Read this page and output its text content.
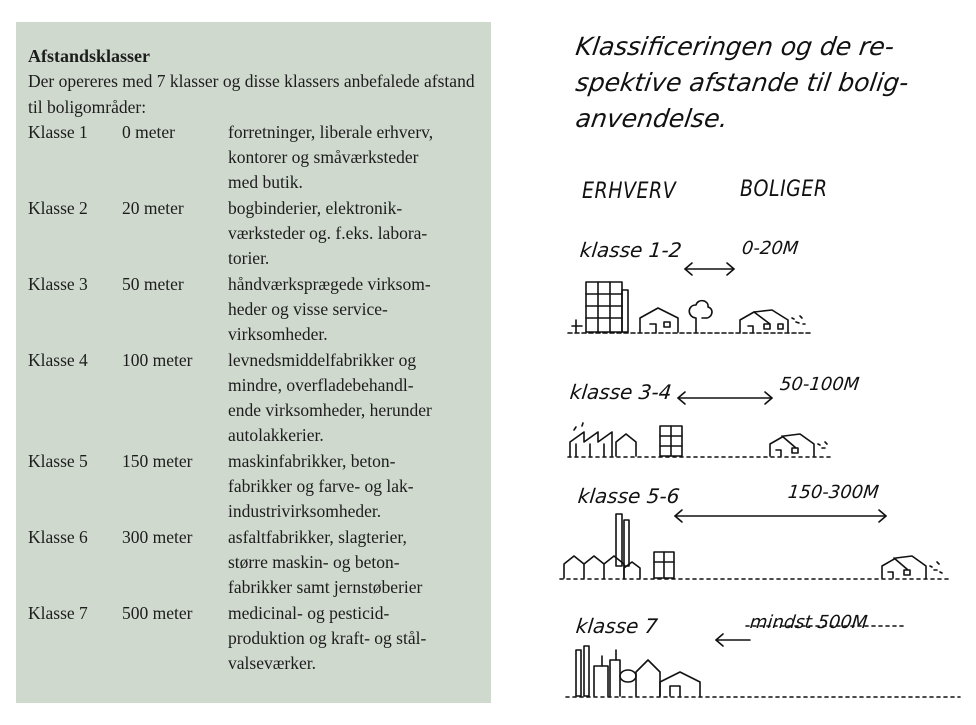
Afstandsklasser
Der opereres med 7 klasser og disse klassers anbefalede afstand til boligområder:
Klasse 1	0 meter	forretninger, liberale erhverv,
kontorer og småværksteder
med butik.
Klasse 2	20 meter	bogbinderier, elektronik-
værksteder og. f.eks. labora-
torier.
Klasse 3	50 meter	håndværksprægede virksom-
heder og visse service-
virksomheder.
Klasse 4	100 meter	levnedsmiddelfabrikker og
mindre, overfladebehandl-
ende virksomheder, herunder
autolakkerier.
Klasse 5	150 meter	maskinfabrikker, beton-
fabrikker og farve- og lak-
industrivirksomheder.
Klasse 6	300 meter	asfaltfabrikker, slagterier,
større maskin- og beton-
fabrikker samt jernstøberier
Klasse 7	500 meter	medicinal- og pesticid-
produktion og kraft- og stål-
valseværker.
Klassificeringen og de re-
spektive afstande til bolig-
anvendelse.
ERHVERV	BOLIGER
klasse 1-2	0-20M
klasse 3-4	50-100M
klasse 5-6	150-300M
klasse 7	mindst 500M
